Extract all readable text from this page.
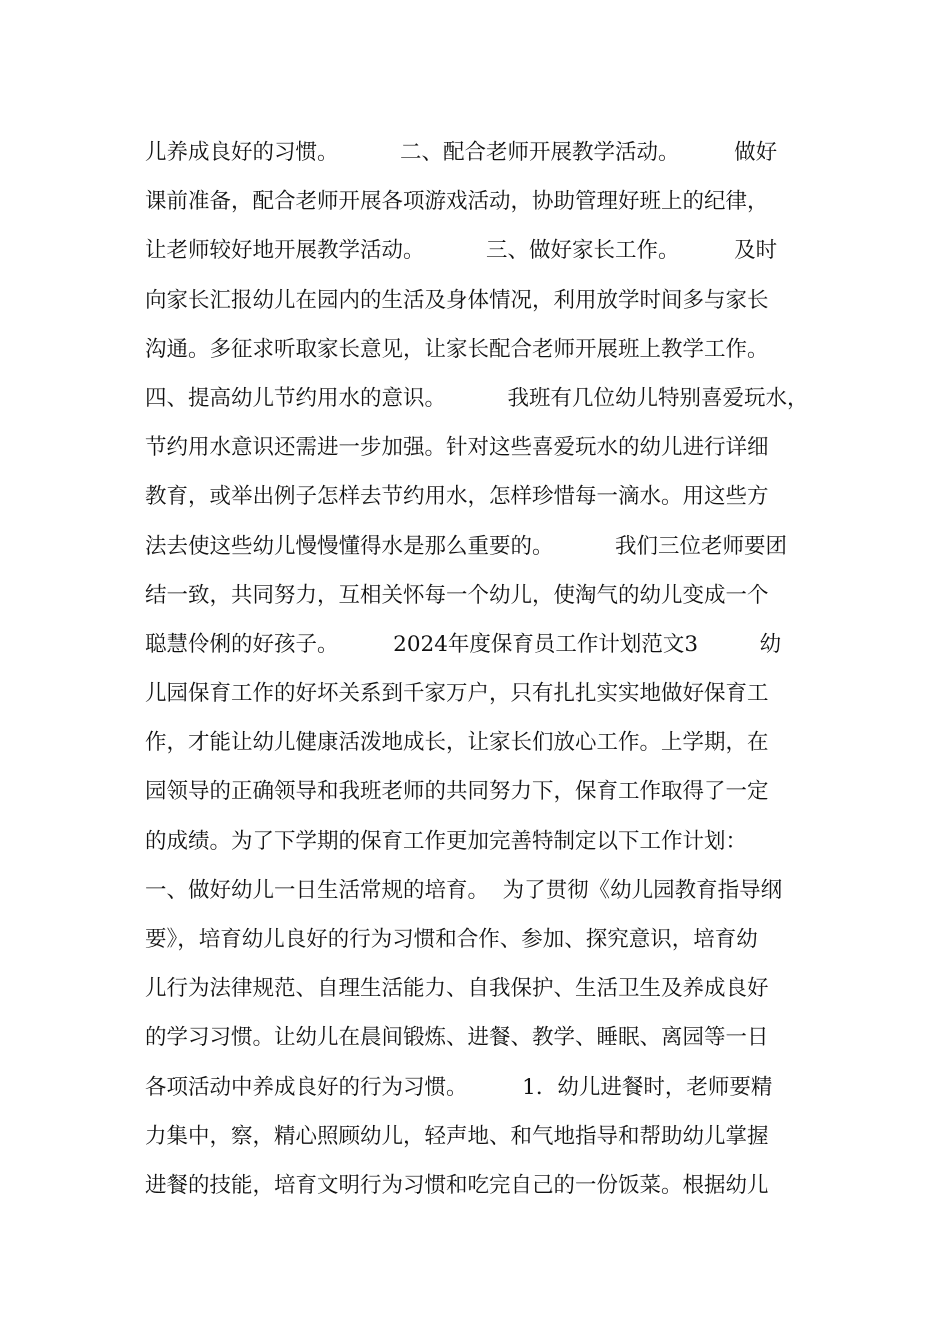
儿养成良好的习惯。         二、配合老师开展教学活动。        做好
课前准备，配合老师开展各项游戏活动，协助管理好班上的纪律，
让老师较好地开展教学活动。         三、做好家长工作。        及时
向家长汇报幼儿在园内的生活及身体情况，利用放学时间多与家长
沟通。多征求听取家长意见，让家长配合老师开展班上教学工作。
四、提高幼儿节约用水的意识。         我班有几位幼儿特别喜爱玩水，
节约用水意识还需进一步加强。针对这些喜爱玩水的幼儿进行详细
教育，或举出例子怎样去节约用水，怎样珍惜每一滴水。用这些方
法去使这些幼儿慢慢懂得水是那么重要的。         我们三位老师要团
结一致，共同努力，互相关怀每一个幼儿，使淘气的幼儿变成一个
聪慧伶俐的好孩子。        2024年度保育员工作计划范文3         幼
儿园保育工作的好坏关系到千家万户，只有扎扎实实地做好保育工
作，才能让幼儿健康活泼地成长，让家长们放心工作。上学期，在
园领导的正确领导和我班老师的共同努力下，保育工作取得了一定
的成绩。为了下学期的保育工作更加完善特制定以下工作计划：
一、做好幼儿一日生活常规的培育。  为了贯彻《幼儿园教育指导纲
要》，培育幼儿良好的行为习惯和合作、参加、探究意识，培育幼
儿行为法律规范、自理生活能力、自我保护、生活卫生及养成良好
的学习习惯。让幼儿在晨间锻炼、进餐、教学、睡眠、离园等一日
各项活动中养成良好的行为习惯。        1．幼儿进餐时，老师要精
力集中，察，精心照顾幼儿，轻声地、和气地指导和帮助幼儿掌握
进餐的技能，培育文明行为习惯和吃完自己的一份饭菜。根据幼儿
